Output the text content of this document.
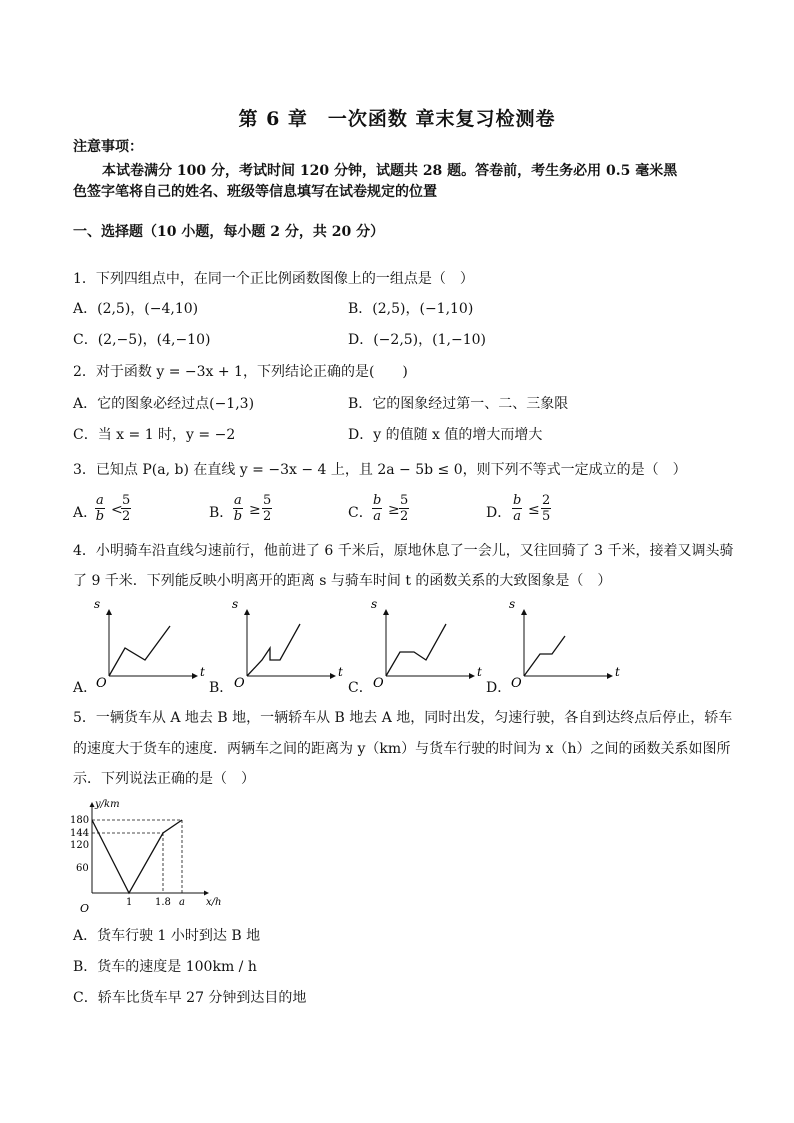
第 6 章　一次函数 章末复习检测卷
注意事项：
本试卷满分 100 分，考试时间 120 分钟，试题共 28 题。答卷前，考生务必用 0.5 毫米黑
色签字笔将自己的姓名、班级等信息填写在试卷规定的位置
一、选择题（10 小题，每小题 2 分，共 20 分）
1．下列四组点中，在同一个正比例函数图像上的一组点是（　）
A．(2,5)，(−4,10)	B．(2,5)，(−1,10)
C．(2,−5)，(4,−10)	D．(−2,5)，(1,−10)
2．对于函数 y = −3x + 1，下列结论正确的是(　　)
A．它的图象必经过点(−1,3)	B．它的图象经过第一、二、三象限
C．当 x = 1 时，y = −2	D．y 的值随 x 值的增大而增大
3．已知点 P(a, b) 在直线 y = −3x − 4 上，且 2a − 5b ≤ 0，则下列不等式一定成立的是（　）
A．
$\frac{a}{b}$ <
$\frac{5}{2}$	B． $\frac{a}{b} \ge \frac{5}{2}$	C． $\frac{b}{a} \ge \frac{5}{2}$	D． $\frac{b}{a} \le \frac{2}{5}$
4．小明骑车沿直线匀速前行，他前进了 6 千米后，原地休息了一会儿，又往回骑了 3 千米，接着又调头骑
了 9 千米．下列能反映小明离开的距离 s 与骑车时间 t 的函数关系的大致图象是（　）
A．	B．	C．	D．
s
t
O
s
t
O
s
t
O
s
t
O
5．一辆货车从 A 地去 B 地，一辆轿车从 B 地去 A 地，同时出发，匀速行驶，各自到达终点后停止，轿车
的速度大于货车的速度．两辆车之间的距离为 y（km）与货车行驶的时间为 x（h）之间的函数关系如图所
示．下列说法正确的是（　）
y/km
x/h
180
144
120
60
1 1.8 a
O
A．货车行驶 1 小时到达 B 地
B．货车的速度是 100km / h
C．轿车比货车早 27 分钟到达目的地
